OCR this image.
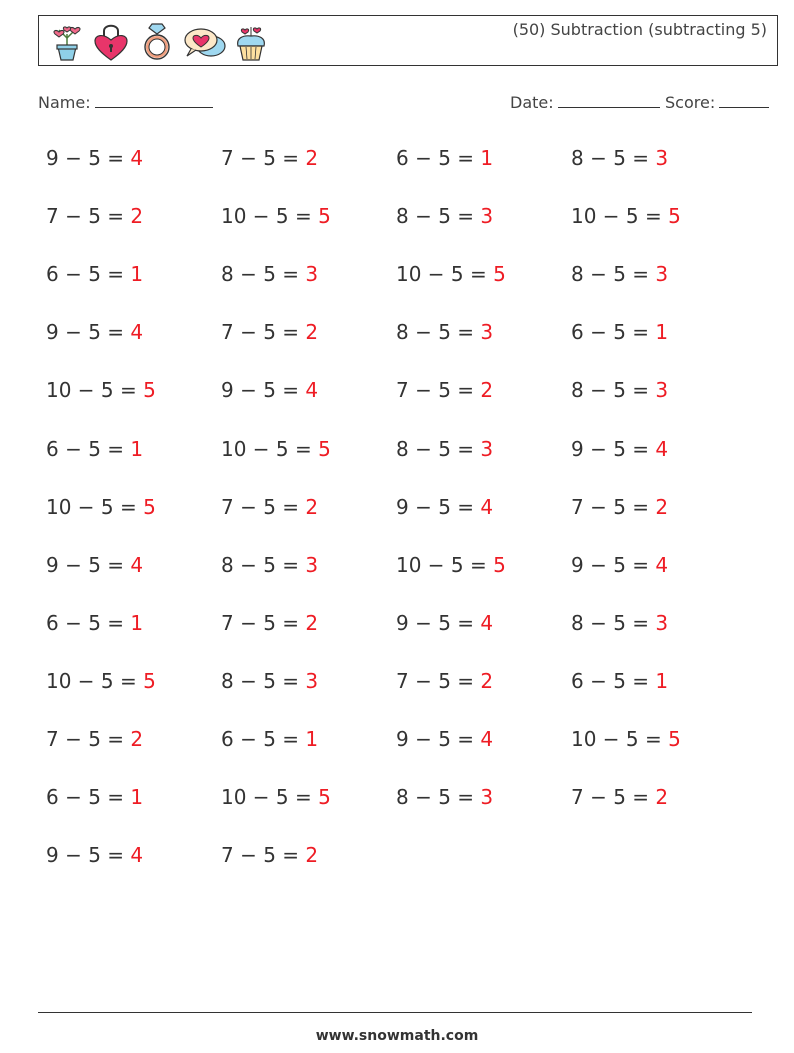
(50) Subtraction (subtracting 5)
Name:	Date:	Score:
9 − 5 = 4	7 − 5 = 2	6 − 5 = 1	8 − 5 = 3
7 − 5 = 2	10 − 5 = 5	8 − 5 = 3	10 − 5 = 5
6 − 5 = 1	8 − 5 = 3	10 − 5 = 5	8 − 5 = 3
9 − 5 = 4	7 − 5 = 2	8 − 5 = 3	6 − 5 = 1
10 − 5 = 5	9 − 5 = 4	7 − 5 = 2	8 − 5 = 3
6 − 5 = 1	10 − 5 = 5	8 − 5 = 3	9 − 5 = 4
10 − 5 = 5	7 − 5 = 2	9 − 5 = 4	7 − 5 = 2
9 − 5 = 4	8 − 5 = 3	10 − 5 = 5	9 − 5 = 4
6 − 5 = 1	7 − 5 = 2	9 − 5 = 4	8 − 5 = 3
10 − 5 = 5	8 − 5 = 3	7 − 5 = 2	6 − 5 = 1
7 − 5 = 2	6 − 5 = 1	9 − 5 = 4	10 − 5 = 5
6 − 5 = 1	10 − 5 = 5	8 − 5 = 3	7 − 5 = 2
9 − 5 = 4	7 − 5 = 2
www.snowmath.com
